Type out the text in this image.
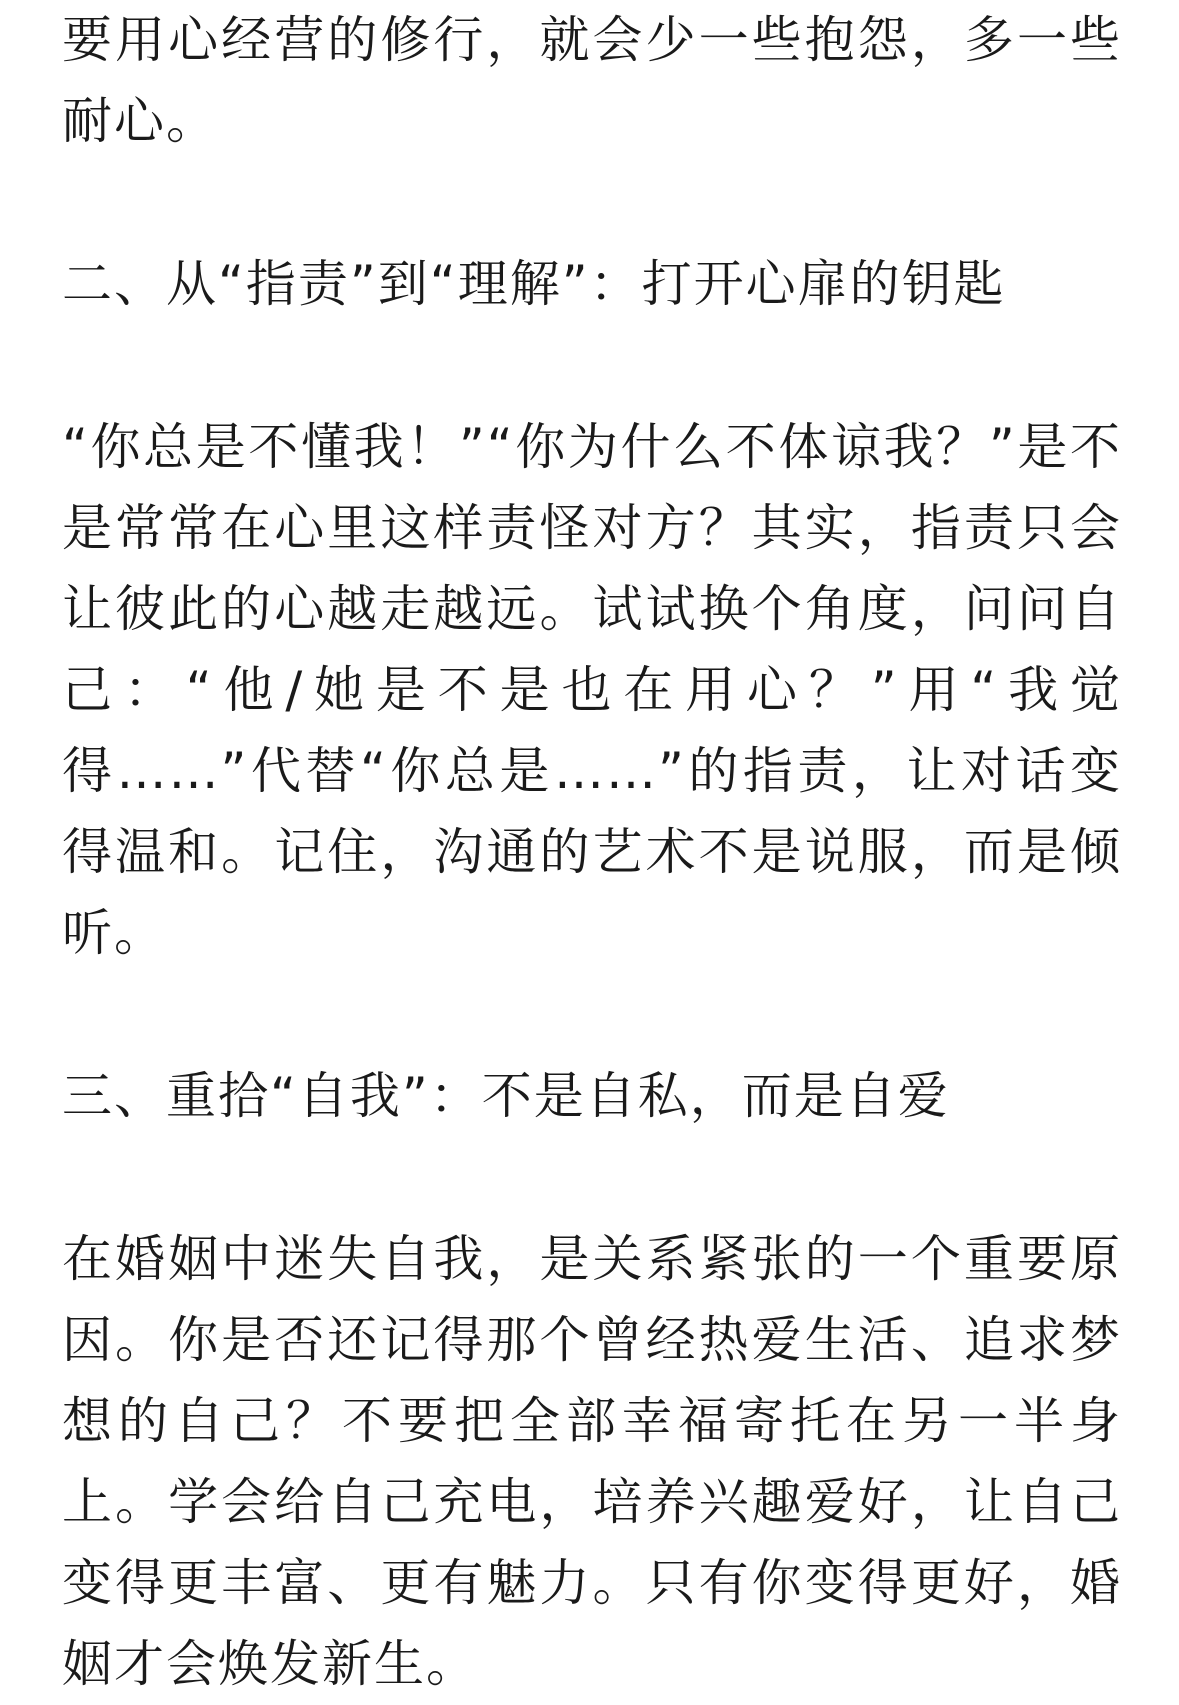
要用心经营的修行，就会少一些抱怨，多一些耐心。

二、从“指责”到“理解”：打开心扉的钥匙

“你总是不懂我！”“你为什么不体谅我？”是不是常常在心里这样责怪对方？其实，指责只会让彼此的心越走越远。试试换个角度，问问自己：“他/她是不是也在用心？”用“我觉得……”代替“你总是……”的指责，让对话变得温和。记住，沟通的艺术不是说服，而是倾听。

三、重拾“自我”：不是自私，而是自爱

在婚姻中迷失自我，是关系紧张的一个重要原因。你是否还记得那个曾经热爱生活、追求梦想的自己？不要把全部幸福寄托在另一半身上。学会给自己充电，培养兴趣爱好，让自己变得更丰富、更有魅力。只有你变得更好，婚姻才会焕发新生。
